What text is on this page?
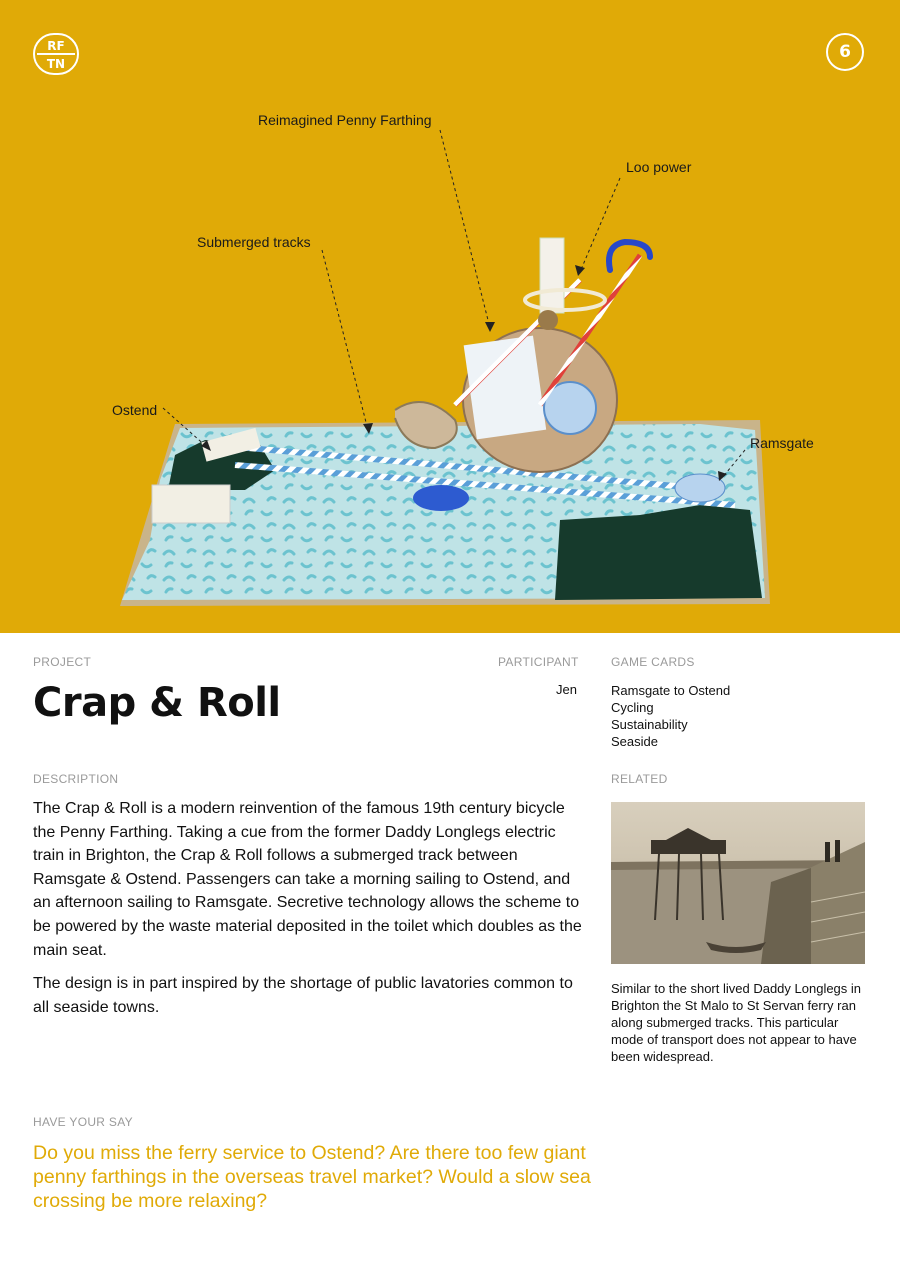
RF
TN
6
Reimagined Penny Farthing
Loo power
Submerged tracks
Ostend
Ramsgate
PROJECT
Crap & Roll
PARTICIPANT
Jen
GAME CARDS
Ramsgate to Ostend
Cycling
Sustainability
Seaside
DESCRIPTION

The Crap & Roll is a modern reinvention of the famous 19th century bicycle the Penny Farthing. Taking a cue from the former Daddy Longlegs electric train in Brighton, the Crap & Roll follows a submerged track between Ramsgate & Ostend. Passengers can take a morning sailing to Ostend, and an afternoon sailing to Ramsgate. Secretive technology allows the scheme to be powered by the waste material deposited in the toilet which doubles as the main seat.

The design is in part inspired by the shortage of public lavatories common to all seaside towns.

RELATED
Similar to the short lived Daddy Longlegs in Brighton the St Malo to St Servan ferry ran along submerged tracks. This particular mode of transport does not appear to have been widespread.
HAVE YOUR SAY
Do you miss the ferry service to Ostend? Are there too few giant penny farthings in the overseas travel market? Would a slow sea crossing be more relaxing?
